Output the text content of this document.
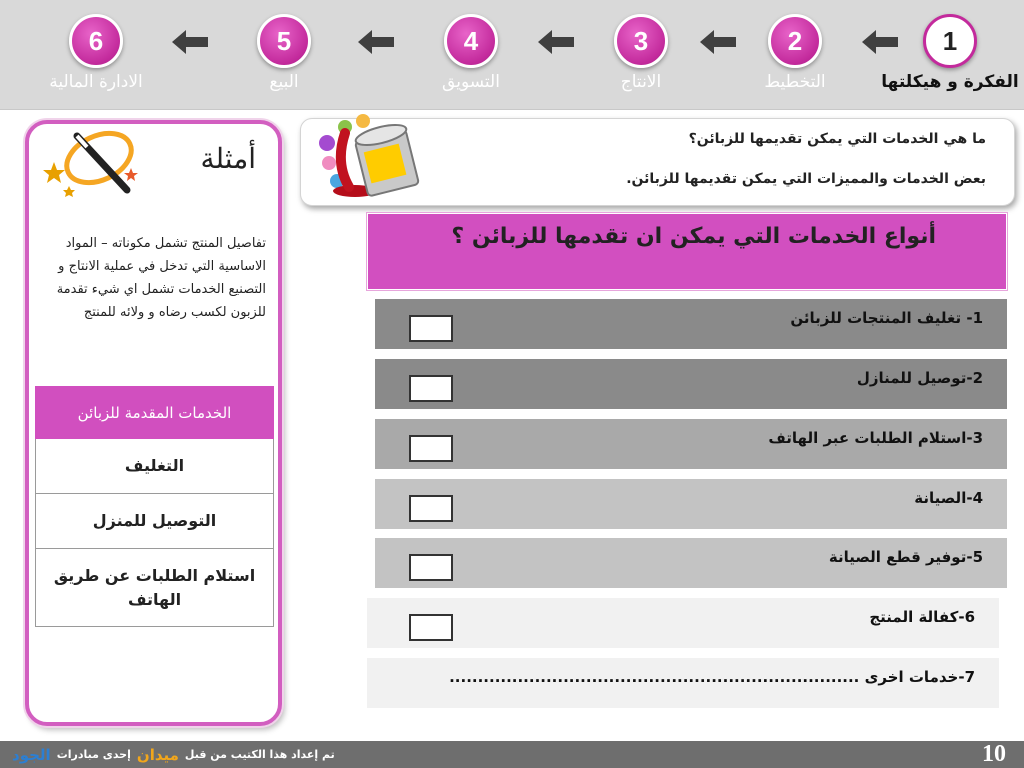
1
الفكرة و هيكلتها
2
التخطيط
3
الانتاج
4
التسويق
5
البيع
6
الادارة المالية
أمثلة
تفاصيل المنتج تشمل مكوناته – المواد الاساسية التي تدخل في عملية الانتاج و التصنيع الخدمات تشمل اي شيء تقدمة للزبون لكسب رضاه و ولائه للمنتج
الخدمات المقدمة للزبائن
التغليف
التوصيل للمنزل
استلام الطلبات عن طريق الهاتف
ما هي الخدمات التي يمكن تقديمها للزبائن؟
بعض الخدمات والمميزات التي يمكن تقديمها للزبائن.
أنواع الخدمات التي يمكن ان تقدمها للزبائن ؟
1- تغليف المنتجات للزبائن
2-توصيل للمنازل
3-استلام الطلبات عبر الهاتف
4-الصيانة
5-توفير قطع الصيانة
6-كفالة المنتج
7-خدمات اخرى ........................................................................
10
تم إعداد هذا الكتيب من قبل
ميدان
إحدى مبادرات
الجود
